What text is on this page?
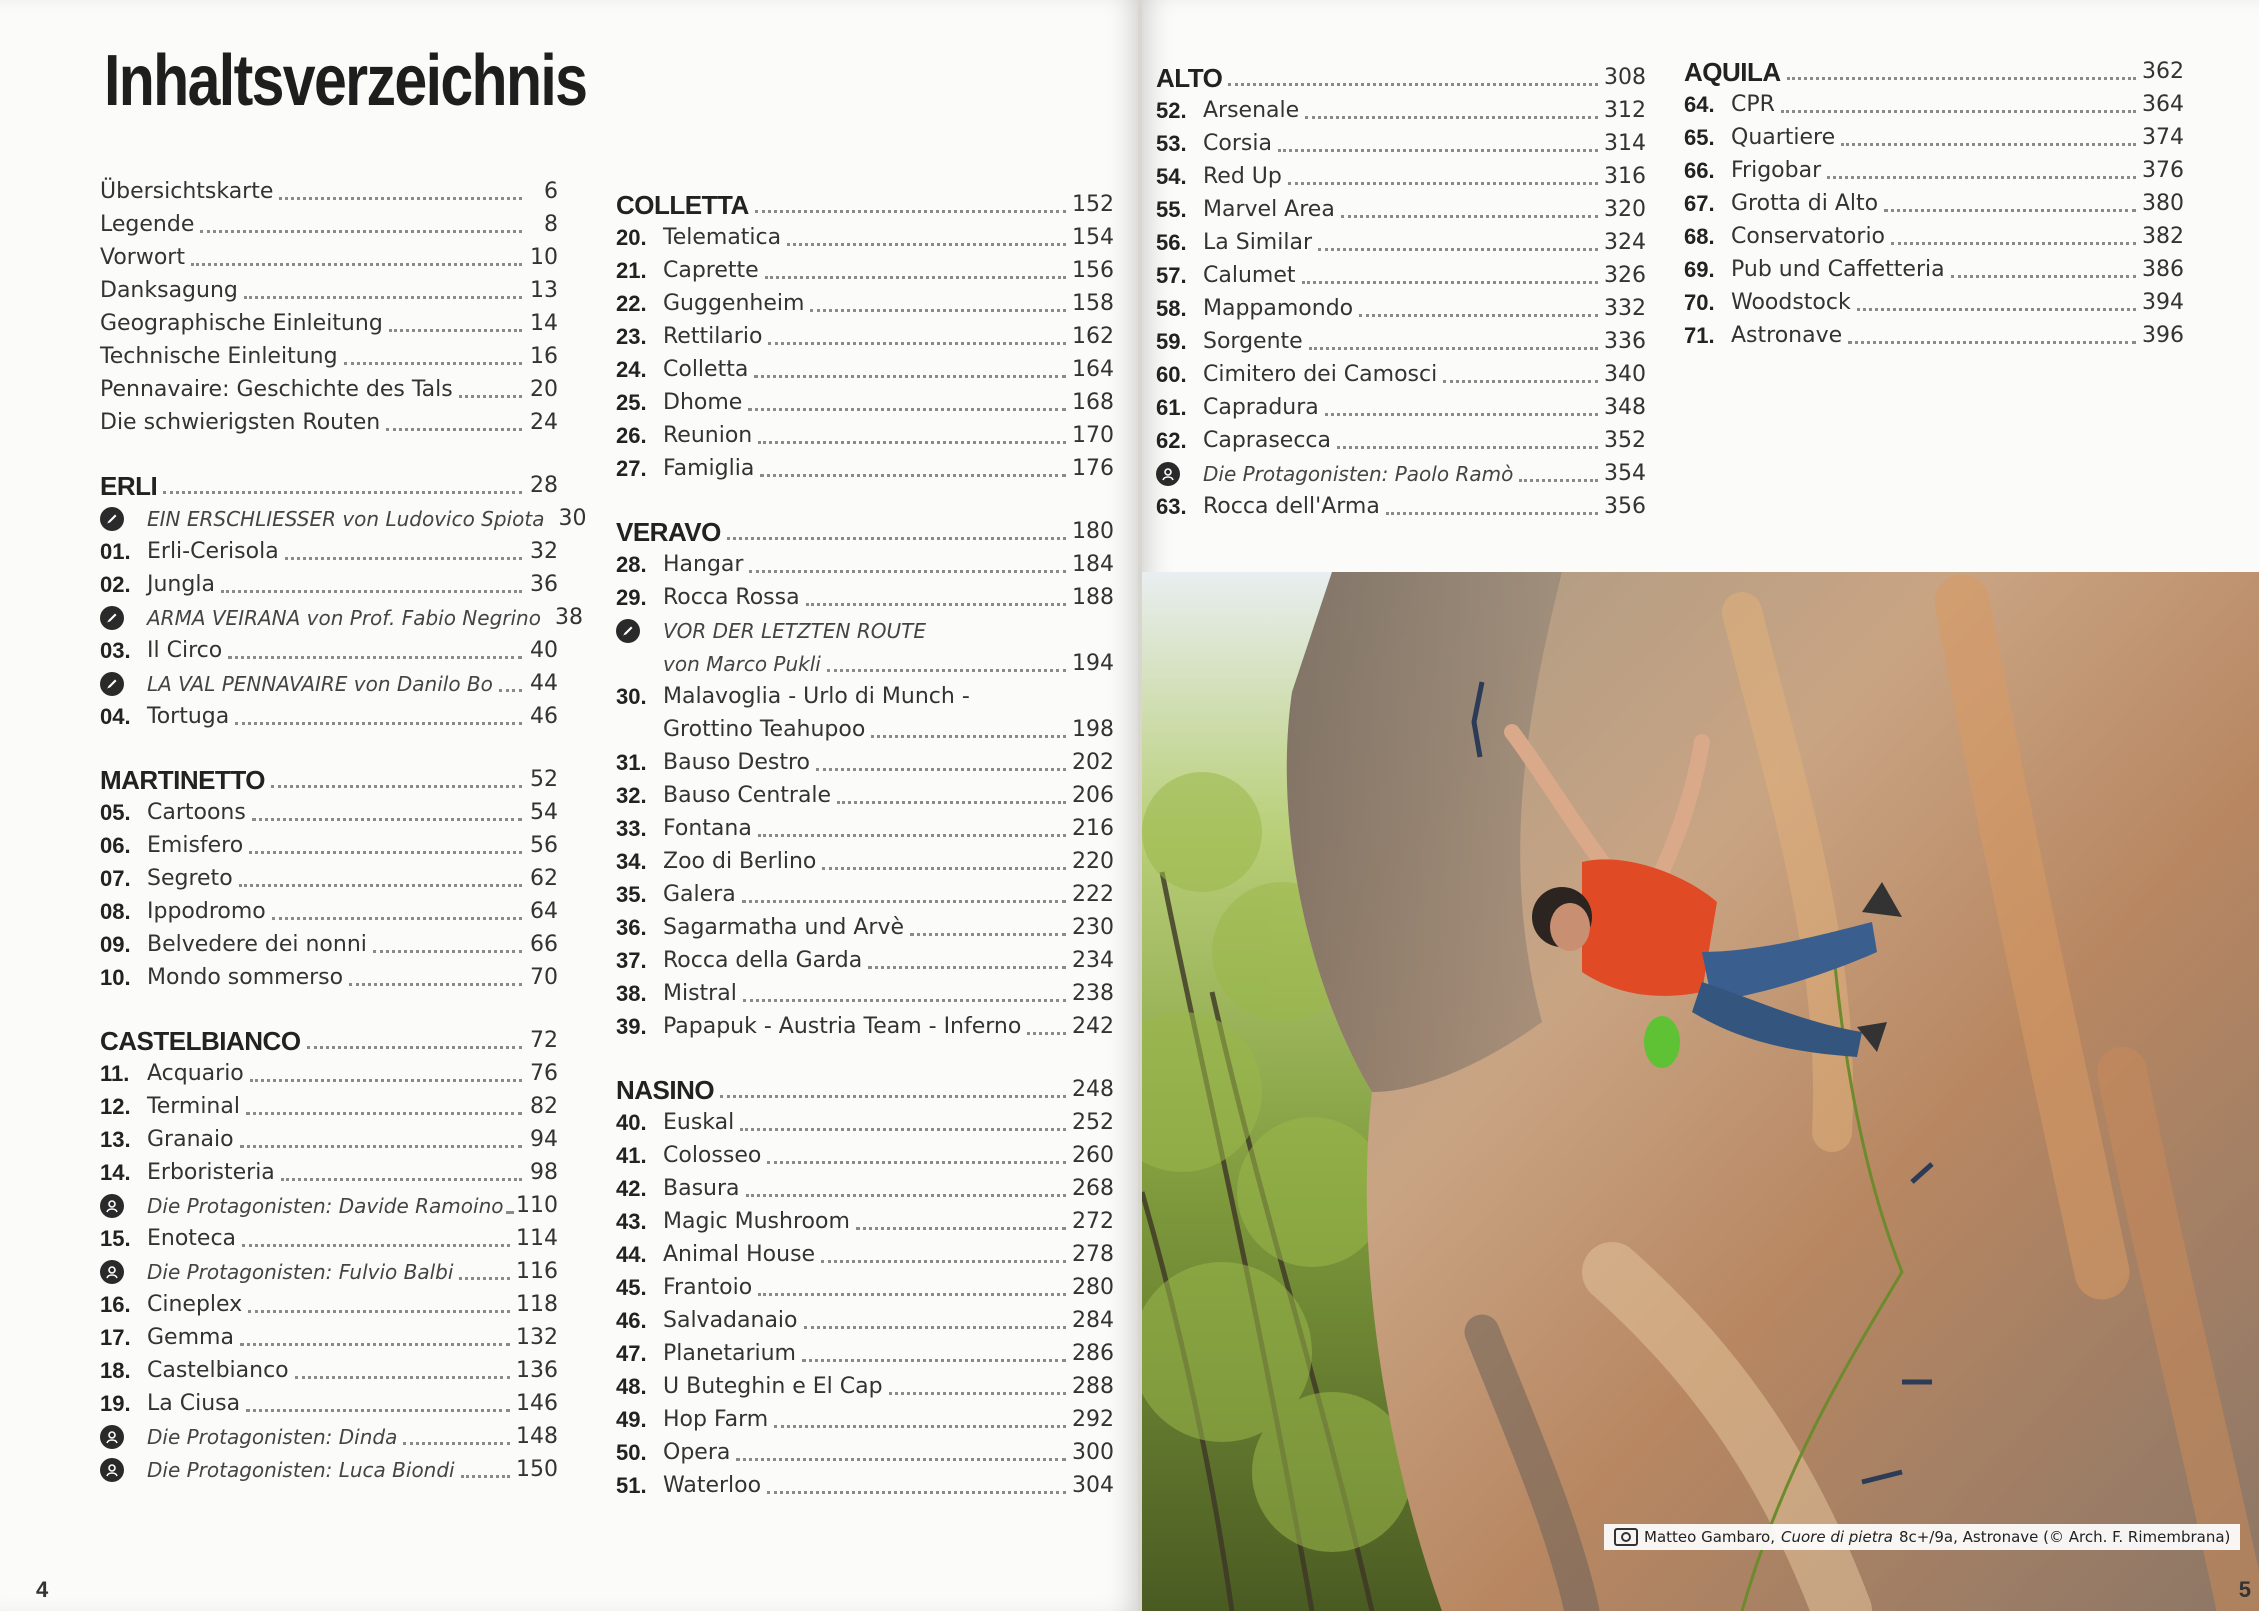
Inhaltsverzeichnis
Übersichtskarte	6
Legende	8
Vorwort	10
Danksagung	13
Geographische Einleitung	14
Technische Einleitung	16
Pennavaire: Geschichte des Tals	20
Die schwierigsten Routen	24
ERLI	28
EIN ERSCHLIESSER von Ludovico Spiota 30
01. Erli-Cerisola	32
02. Jungla	36
ARMA VEIRANA von Prof. Fabio Negrino 38
03. Il Circo	40
LA VAL PENNAVAIRE von Danilo Bo 44
04. Tortuga	46
MARTINETTO	52
05. Cartoons	54
06. Emisfero	56
07. Segreto	62
08. Ippodromo	64
09. Belvedere dei nonni	66
10. Mondo sommerso	70
CASTELBIANCO	72
11. Acquario	76
12. Terminal	82
13. Granaio	94
14. Erboristeria	98
Die Protagonisten: Davide Ramoino 110
15. Enoteca	114
Die Protagonisten: Fulvio Balbi	116
16. Cineplex	118
17. Gemma	132
18. Castelbianco	136
19. La Ciusa	146
Die Protagonisten: Dinda	148
Die Protagonisten: Luca Biondi	150
COLLETTA	152
20. Telematica	154
21. Caprette	156
22. Guggenheim	158
23. Rettilario	162
24. Colletta	164
25. Dhome	168
26. Reunion	170
27. Famiglia	176
VERAVO	180
28. Hangar	184
29. Rocca Rossa	188
VOR DER LETZTEN ROUTE
von Marco Pukli	194
30. Malavoglia - Urlo di Munch -
Grottino Teahupoo	198
31. Bauso Destro	202
32. Bauso Centrale	206
33. Fontana	216
34. Zoo di Berlino	220
35. Galera	222
36. Sagarmatha und Arvè	230
37. Rocca della Garda	234
38. Mistral	238
39. Papapuk - Austria Team - Inferno 242
NASINO	248
40. Euskal	252
41. Colosseo	260
42. Basura	268
43. Magic Mushroom	272
44. Animal House	278
45. Frantoio	280
46. Salvadanaio	284
47. Planetarium	286
48. U Buteghin e El Cap	288
49. Hop Farm	292
50. Opera	300
51. Waterloo	304
4
ALTO	308
52. Arsenale	312
53. Corsia	314
54. Red Up	316
55. Marvel Area	320
56. La Similar	324
57. Calumet	326
58. Mappamondo	332
59. Sorgente	336
60. Cimitero dei Camosci	340
61. Capradura	348
62. Caprasecca	352
Die Protagonisten: Paolo Ramò	354
63. Rocca dell'Arma	356
AQUILA	362
64. CPR	364
65. Quartiere	374
66. Frigobar	376
67. Grotta di Alto	380
68. Conservatorio	382
69. Pub und Caffetteria	386
70. Woodstock	394
71. Astronave	396
Matteo Gambaro, Cuore di pietra 8c+/9a, Astronave (© Arch. F. Rimembrana)
5
